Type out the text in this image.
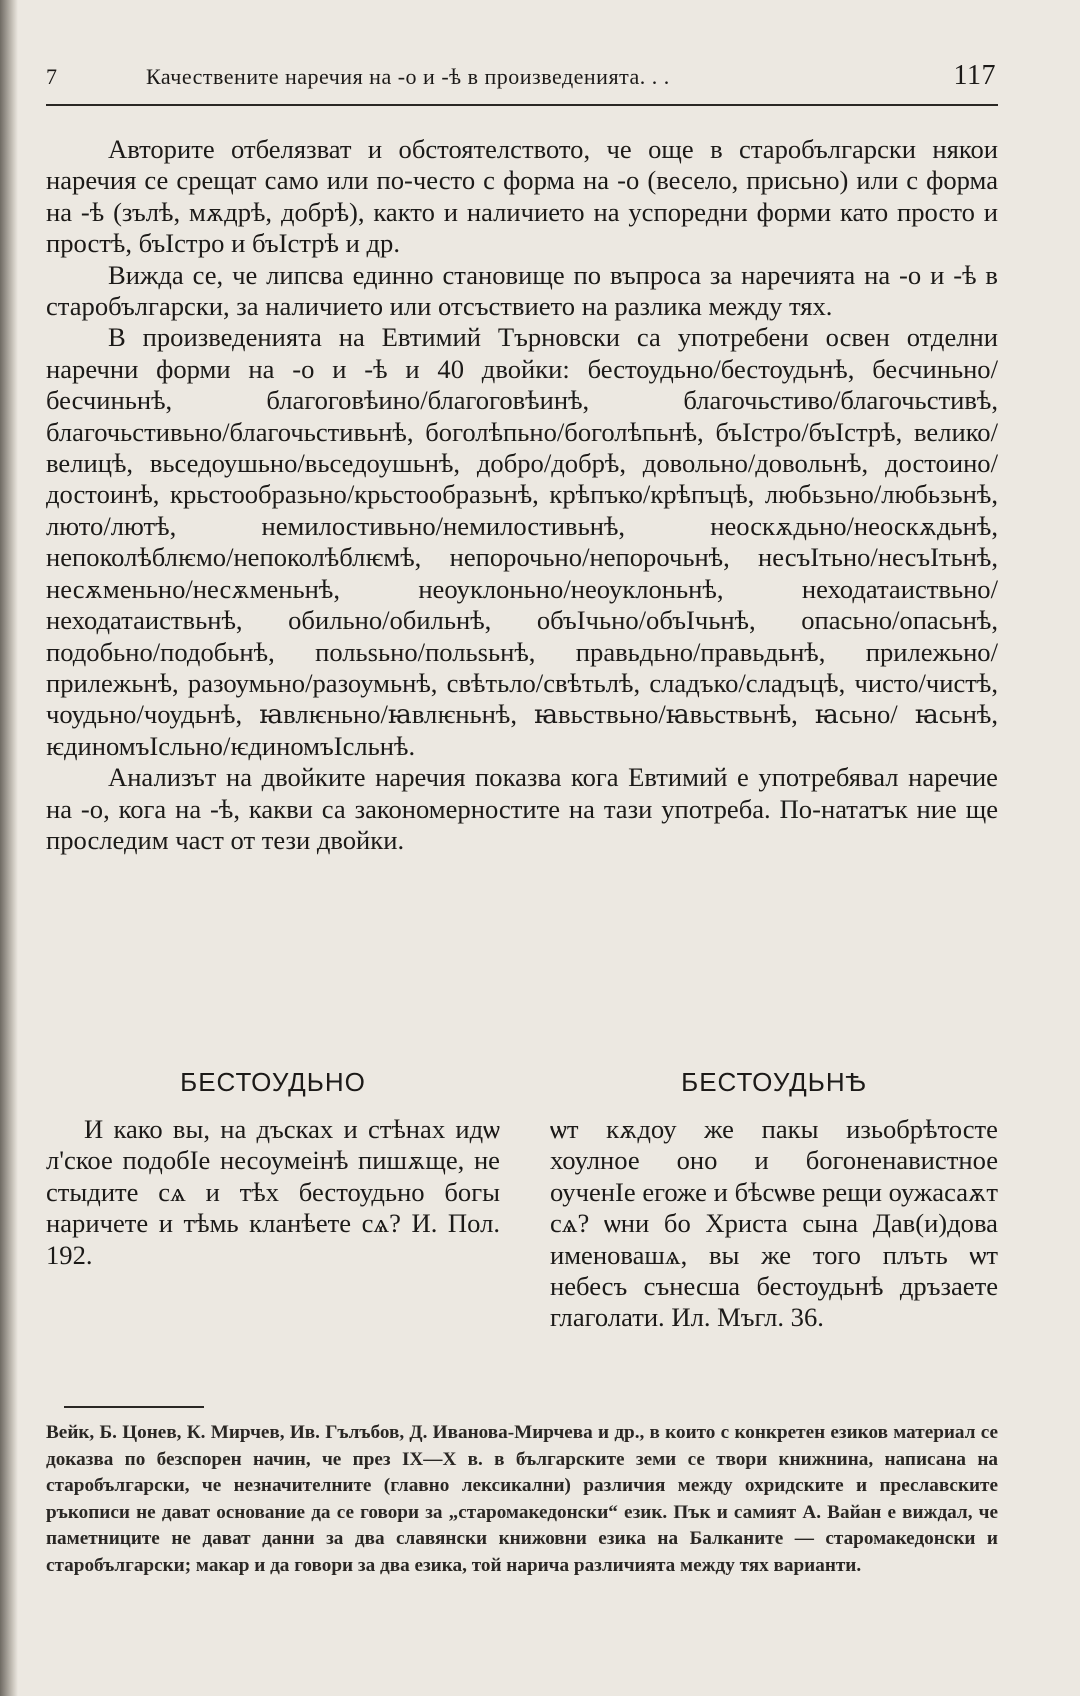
7	Качествените наречия на -о и -ѣ в произведенията. . .	117

Авторите отбелязват и обстоятелството, че още в старобългарски някои наречия се срещат само или по-често с форма на -о (весело, присьно) или с форма на -ѣ (зълѣ, мѫдрѣ, добрѣ), както и наличието на успоредни форми като просто и простѣ, бъIстро и бъIстрѣ и др.

Вижда се, че липсва единно становище по въпроса за наречията на -о и -ѣ в старобългарски, за наличието или отсъствието на разлика между тях.

В произведенията на Евтимий Търновски са употребени освен отделни наречни форми на -о и -ѣ и 40 двойки: бестоудьно/бестоудьнѣ, бесчиньно/бесчиньнѣ, благоговѣино/благоговѣинѣ, благочьстиво/благочьстивѣ, благочьстивьно/благочьстивьнѣ, боголѣпьно/боголѣпьнѣ, бъIстро/бъIстрѣ, велико/велицѣ, вьседоушьно/вьседоушьнѣ, добро/добрѣ, довольно/довольнѣ, достоино/достоинѣ, крьстообразьно/крьстообразьнѣ, крѣпъко/крѣпъцѣ, любьзьно/любьзьнѣ, люто/лютѣ, немилостивьно/немилостивьнѣ, неоскѫдьно/неоскѫдьнѣ, непоколѣблѥмо/непоколѣблѥмѣ, непорочьно/непорочьнѣ, несъIтьно/несъIтьнѣ, несѫменьно/несѫменьнѣ, неоуклоньно/неоуклоньнѣ, неходатаиствьно/неходатаиствьнѣ, обильно/обильнѣ, объIчьно/объIчьнѣ, опасьно/опасьнѣ, подобьно/подобьнѣ, польѕьно/польѕьнѣ, правьдьно/правьдьнѣ, прилежьно/прилежьнѣ, разоумьно/разоумьнѣ, свѣтьло/свѣтьлѣ, сладъко/сладъцѣ, чисто/чистѣ, чоудьно/чоудьнѣ, ꙗвлѥньно/ꙗвлѥньнѣ, ꙗвьствьно/ꙗвьствьнѣ, ꙗсьно/ ꙗсьнѣ, ѥдиномъIсльно/ѥдиномъIсльнѣ.

Анализът на двойките наречия показва кога Евтимий е употребявал наречие на -о, кога на -ѣ, какви са закономерностите на тази употреба. По-нататък ние ще проследим част от тези двойки.

БЕСТОУДЬНО

И како вы, на дъсках и стѣнах идѡ л'ское подобIе несоумеінѣ пишѫще, не стыдите сѧ и тѣх бестоудьно богы наричете и тѣмь кланѣете сѧ? И. Пол. 192.

БЕСТОУДЬНѢ

ѡт кѫдоу же пакы изьобрѣтосте хоулное оно и богоненавистное оученIе егоже и бѣсѡве рещи оужасаѫт сѧ? ѡни бо Христа сына Дав(и)дова именовашѧ, вы же того плъть ѡт небесъ сънесша бестоудьнѣ дръзаете глаголати. Ил. Мъгл. 36.

Вейк, Б. Цонев, К. Мирчев, Ив. Гълъбов, Д. Иванова-Мирчева и др., в които с конкретен езиков материал се доказва по безспорен начин, че през IX—X в. в българските земи се твори книжнина, написана на старобългарски, че незначителните (главно лексикални) различия между охридските и преславските ръкописи не дават основание да се говори за „старомакедонски“ език. Пък и самият А. Вайан е виждал, че паметниците не дават данни за два славянски книжовни езика на Балканите — старомакедонски и старобългарски; макар и да говори за два езика, той нарича различията между тях варианти.
